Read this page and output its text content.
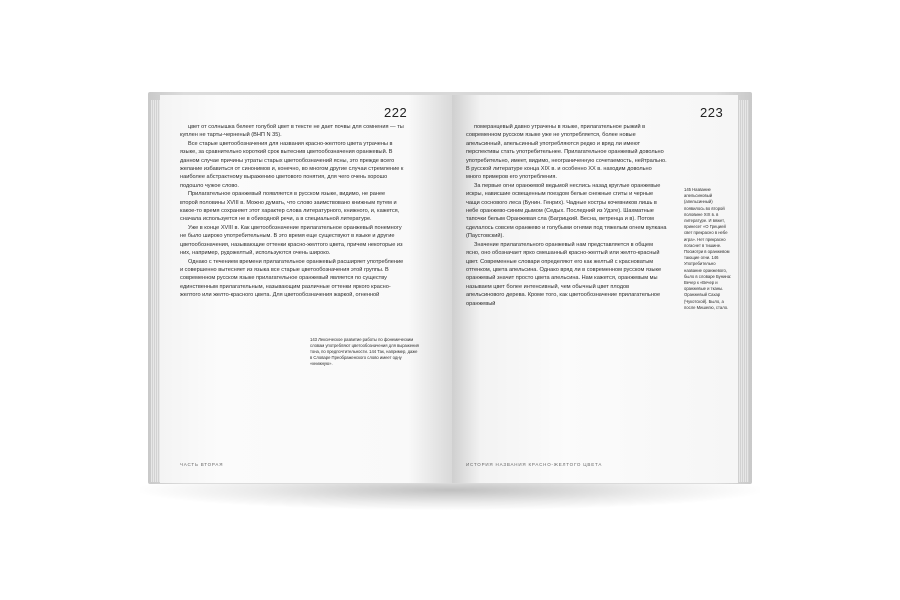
222

цвет от солнышка белеет голубой цвет в тексте не дает почвы для сомнения — ты куплен не тарты-черненый (ВНП N 35).

Все старые цветообозначения для названия красно-желтого цвета утрачены в языке, за сравнительно короткий срок вытеснив цветообозначения оранжевый. В данном случае причины утраты старых цветообозначений ясны, это прежде всего желание избавиться от синонимов и, конечно, во многом другие случаи стремление к наиболее абстрактному выражению цветового понятия, для чего очень хорошо подошло чужое слово.

Прилагательное оранжевый появляется в русском языке, видимо, не ранее второй половины XVIII в. Можно думать, что слово заимствовано книжным путем и какое-то время сохраняет этот характер слова литературного, книжного, и, кажется, сначала используется не в обиходной речи, а в специальной литературе.

Уже в конце XVIII в. Как цветообозначение прилагательное оранжевый понемногу не было широко употребительным. В это время еще существуют в языке и другие цветообозначения, называющие оттенки красно-желтого цвета, причем некоторые из них, например, рудожелтый, используются очень широко.

Однако с течением времени прилагательное оранжевый расширяет употребление и совершенно вытесняет из языка все старые цветообозначения этой группы. В современном русском языке прилагательное оранжевый является по существу единственным прилагательным, называющим различные оттенки яркого красно-желтого или желто-красного цвета. Для цветообозначения жаркой, огненной

143 Лексическое развитие работы по фонемическим словам употребляют цветообозначения для выражения тона, по предпочтительности. 144 Так, например, даже в Словаре Преображенского слово имеет одну «книжную».
ЧАСТЬ ВТОРАЯ
223

померанцевый давно утрачены в языке, прилагательное рыжий в современном русском языке уже не употребляется, более новые апельсинный, апельсинный употребляются редко и вряд ли имеют перспективы стать употребительнее. Прилагательное оранжевый довольно употребительно, имеет, видимо, неограниченную сочетаемость, нейтрально. В русской литературе конца XIX в. и особенно XX в. находим довольно много примеров его употребления.

За первые огни оранжевой ведьмой неслись назад круглые оранжевые искры, нависшие освещенным поездом белые снежные сгиты и черные чащи соснового леса (Бунин. Генрих). Чадные костры кочевников лишь в небе оранжево-синим дымом (Седых. Последний из Удэге). Шахматные тапочки белым Оранжевая сла (Багрицкий. Весна, ветренца и в). Потом сделалось совсем оранжево и голубыми огнями под тяжелым огнем вулкана (Паустовский).

Значение прилагательного оранжевый нам представляется в общем ясно, оно обозначает ярко смешанный красно-желтый или желто-красный цвет. Современные словари определяют его как желтый с красноватым оттенком, цвета апельсина. Однако вряд ли в современном русском языке оранжевый значит просто цвета апельсина. Нам кажется, оранжевым мы называем цвет более интенсивный, чем обычный цвет плодов апельсинового дерева. Кроме того, как цветообозначение прилагательное оранжевый

145 Название апельсиновый (апельсинный) появилось во второй половине XIX в. в литературе. И вяжет, принесет «О Грецией свет прекрасно в небе игра». Нет прекрасно погаснет в тишине. Посмотри в оранжевом тающие огни. 146 Употребительно название оранжевого, было в словаре Бунина: Вечер к «Вечер и оранжевые и тканы. Оранжевый Сахар (Чукотской). Было, а после Мишелю, стало.
ИСТОРИЯ НАЗВАНИЯ КРАСНО-ЖЕЛТОГО ЦВЕТА
